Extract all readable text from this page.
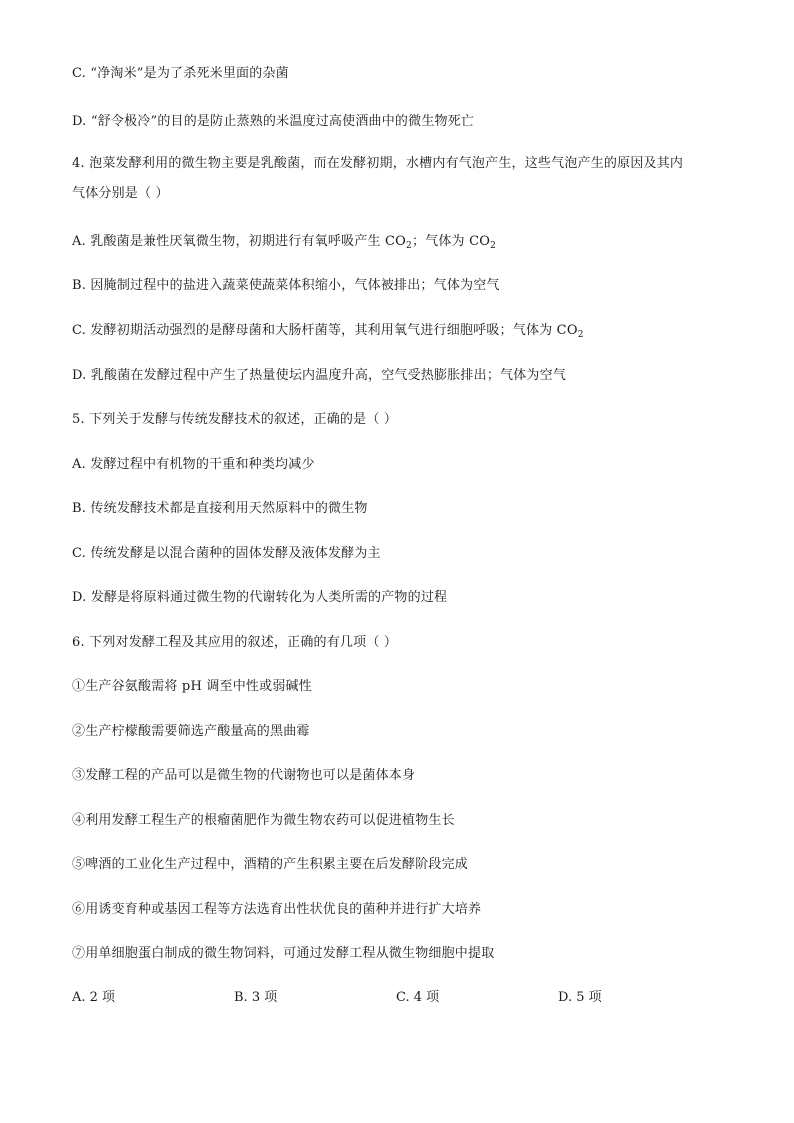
C. “净淘米”是为了杀死米里面的杂菌
D. “舒令极冷”的目的是防止蒸熟的米温度过高使酒曲中的微生物死亡
4. 泡菜发酵利用的微生物主要是乳酸菌，而在发酵初期，水槽内有气泡产生，这些气泡产生的原因及其内
气体分别是（ ）
A. 乳酸菌是兼性厌氧微生物，初期进行有氧呼吸产生 $CO_2$；气体为 $CO_2$
B. 因腌制过程中的盐进入蔬菜使蔬菜体积缩小，气体被排出；气体为空气
C. 发酵初期活动强烈的是酵母菌和大肠杆菌等，其利用氧气进行细胞呼吸；气体为 $CO_2$
D. 乳酸菌在发酵过程中产生了热量使坛内温度升高，空气受热膨胀排出；气体为空气
5. 下列关于发酵与传统发酵技术的叙述，正确的是（ ）
A. 发酵过程中有机物的干重和种类均减少
B. 传统发酵技术都是直接利用天然原料中的微生物
C. 传统发酵是以混合菌种的固体发酵及液体发酵为主
D. 发酵是将原料通过微生物的代谢转化为人类所需的产物的过程
6. 下列对发酵工程及其应用的叙述，正确的有几项（ ）
①生产谷氨酸需将 pH 调至中性或弱碱性
②生产柠檬酸需要筛选产酸量高的黑曲霉
③发酵工程的产品可以是微生物的代谢物也可以是菌体本身
④利用发酵工程生产的根瘤菌肥作为微生物农药可以促进植物生长
⑤啤酒的工业化生产过程中，酒精的产生积累主要在后发酵阶段完成
⑥用诱变育种或基因工程等方法选育出性状优良的菌种并进行扩大培养
⑦用单细胞蛋白制成的微生物饲料，可通过发酵工程从微生物细胞中提取
A. 2 项	B. 3 项	C. 4 项	D. 5 项
